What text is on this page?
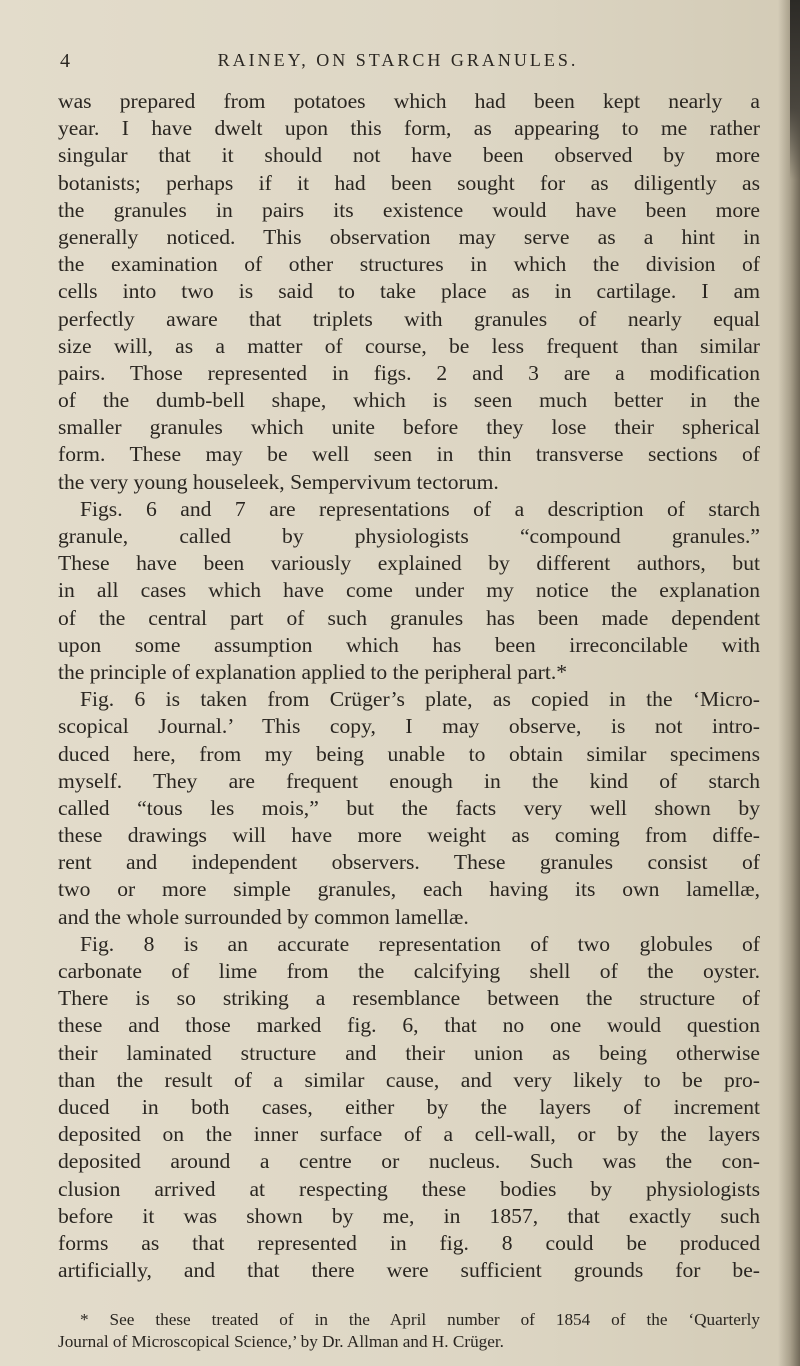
4	RAINEY, ON STARCH GRANULES.
was prepared from potatoes which had been kept nearly a
year. I have dwelt upon this form, as appearing to me rather
singular that it should not have been observed by more
botanists; perhaps if it had been sought for as diligently as
the granules in pairs its existence would have been more
generally noticed. This observation may serve as a hint in
the examination of other structures in which the division of
cells into two is said to take place as in cartilage. I am
perfectly aware that triplets with granules of nearly equal
size will, as a matter of course, be less frequent than similar
pairs. Those represented in figs. 2 and 3 are a modification
of the dumb-bell shape, which is seen much better in the
smaller granules which unite before they lose their spherical
form. These may be well seen in thin transverse sections of
the very young houseleek, Sempervivum tectorum.
Figs. 6 and 7 are representations of a description of starch
granule, called by physiologists “compound granules.”
These have been variously explained by different authors, but
in all cases which have come under my notice the explanation
of the central part of such granules has been made dependent
upon some assumption which has been irreconcilable with
the principle of explanation applied to the peripheral part.*
Fig. 6 is taken from Crüger’s plate, as copied in the ‘Micro-
scopical Journal.’ This copy, I may observe, is not intro-
duced here, from my being unable to obtain similar specimens
myself. They are frequent enough in the kind of starch
called “tous les mois,” but the facts very well shown by
these drawings will have more weight as coming from diffe-
rent and independent observers. These granules consist of
two or more simple granules, each having its own lamellæ,
and the whole surrounded by common lamellæ.
Fig. 8 is an accurate representation of two globules of
carbonate of lime from the calcifying shell of the oyster.
There is so striking a resemblance between the structure of
these and those marked fig. 6, that no one would question
their laminated structure and their union as being otherwise
than the result of a similar cause, and very likely to be pro-
duced in both cases, either by the layers of increment
deposited on the inner surface of a cell-wall, or by the layers
deposited around a centre or nucleus. Such was the con-
clusion arrived at respecting these bodies by physiologists
before it was shown by me, in 1857, that exactly such
forms as that represented in fig. 8 could be produced
artificially, and that there were sufficient grounds for be-
* See these treated of in the April number of 1854 of the ‘Quarterly
Journal of Microscopical Science,’ by Dr. Allman and H. Crüger.
